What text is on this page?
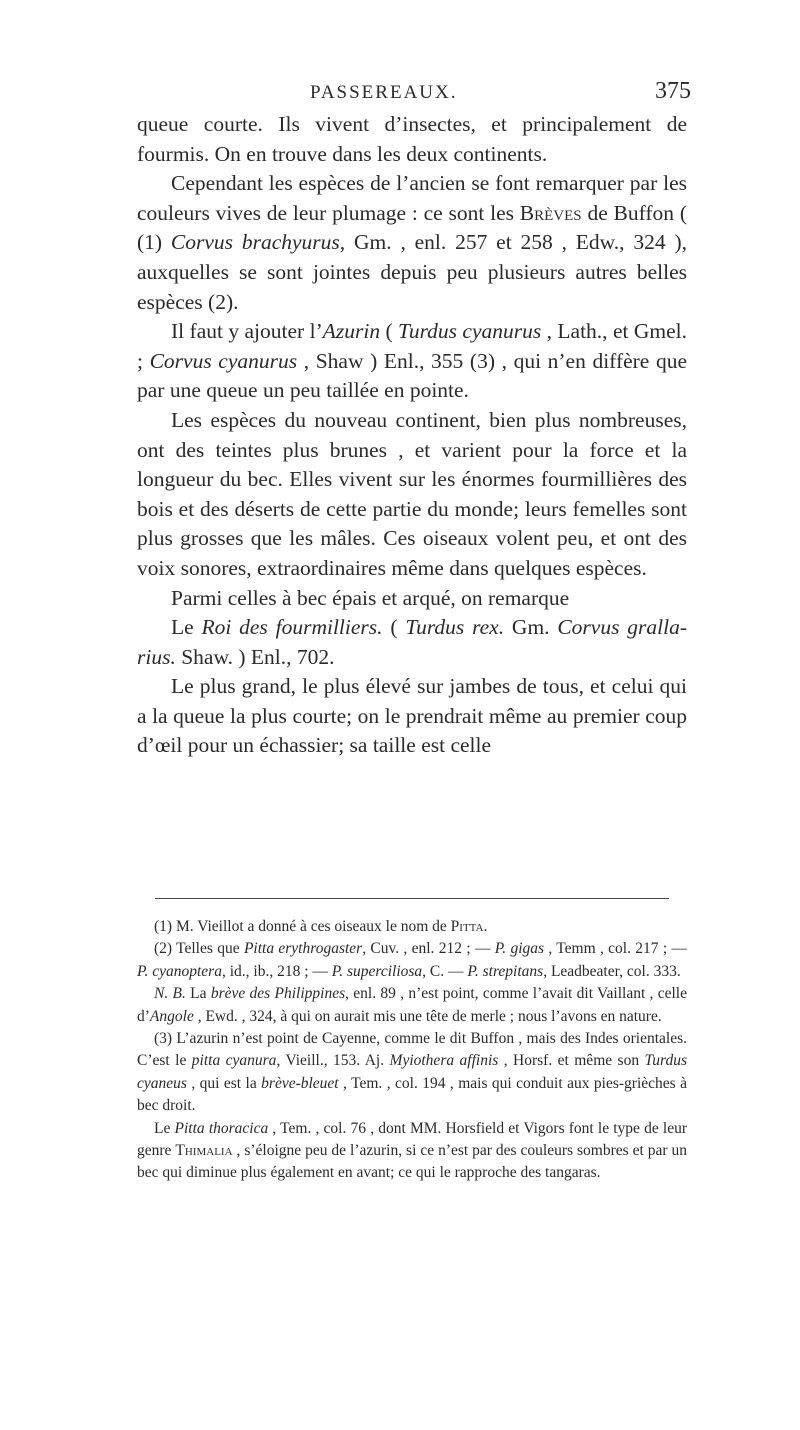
PASSEREAUX.	375

queue courte. Ils vivent d’insectes, et principalement de fourmis. On en trouve dans les deux continents.

Cependant les espèces de l’ancien se font remarquer par les couleurs vives de leur plumage : ce sont les Brèves de Buffon ( (1) Corvus brachyurus, Gm. , enl. 257 et 258 , Edw., 324 ), auxquelles se sont jointes depuis peu plusieurs autres belles espèces (2).

Il faut y ajouter l’Azurin ( Turdus cyanurus , Lath., et Gmel. ; Corvus cyanurus , Shaw ) Enl., 355 (3) , qui n’en diffère que par une queue un peu taillée en pointe.

Les espèces du nouveau continent, bien plus nombreuses, ont des teintes plus brunes , et varient pour la force et la longueur du bec. Elles vivent sur les énormes fourmillières des bois et des déserts de cette partie du monde; leurs femelles sont plus grosses que les mâles. Ces oiseaux volent peu, et ont des voix sonores, extraordinaires même dans quelques espèces.

Parmi celles à bec épais et arqué, on remarque

Le Roi des fourmilliers. ( Turdus rex. Gm. Corvus gralla-rius. Shaw. ) Enl., 702.

Le plus grand, le plus élevé sur jambes de tous, et celui qui a la queue la plus courte; on le prendrait même au premier coup d’œil pour un échassier; sa taille est celle

(1) M. Vieillot a donné à ces oiseaux le nom de Pitta.

(2) Telles que Pitta erythrogaster, Cuv. , enl. 212 ; — P. gigas , Temm , col. 217 ; — P. cyanoptera, id., ib., 218 ; — P. superciliosa, C. — P. strepitans, Leadbeater, col. 333.

N. B. La brève des Philippines, enl. 89 , n’est point, comme l’avait dit Vaillant , celle d’Angole , Ewd. , 324, à qui on aurait mis une tête de merle ; nous l’avons en nature.

(3) L’azurin n’est point de Cayenne, comme le dit Buffon , mais des Indes orientales. C’est le pitta cyanura, Vieill., 153. Aj. Myiothera affinis , Horsf. et même son Turdus cyaneus , qui est la brève-bleuet , Tem. , col. 194 , mais qui conduit aux pies-grièches à bec droit.

Le Pitta thoracica , Tem. , col. 76 , dont MM. Horsfield et Vigors font le type de leur genre Thimalia , s’éloigne peu de l’azurin, si ce n’est par des couleurs sombres et par un bec qui diminue plus également en avant; ce qui le rapproche des tangaras.
